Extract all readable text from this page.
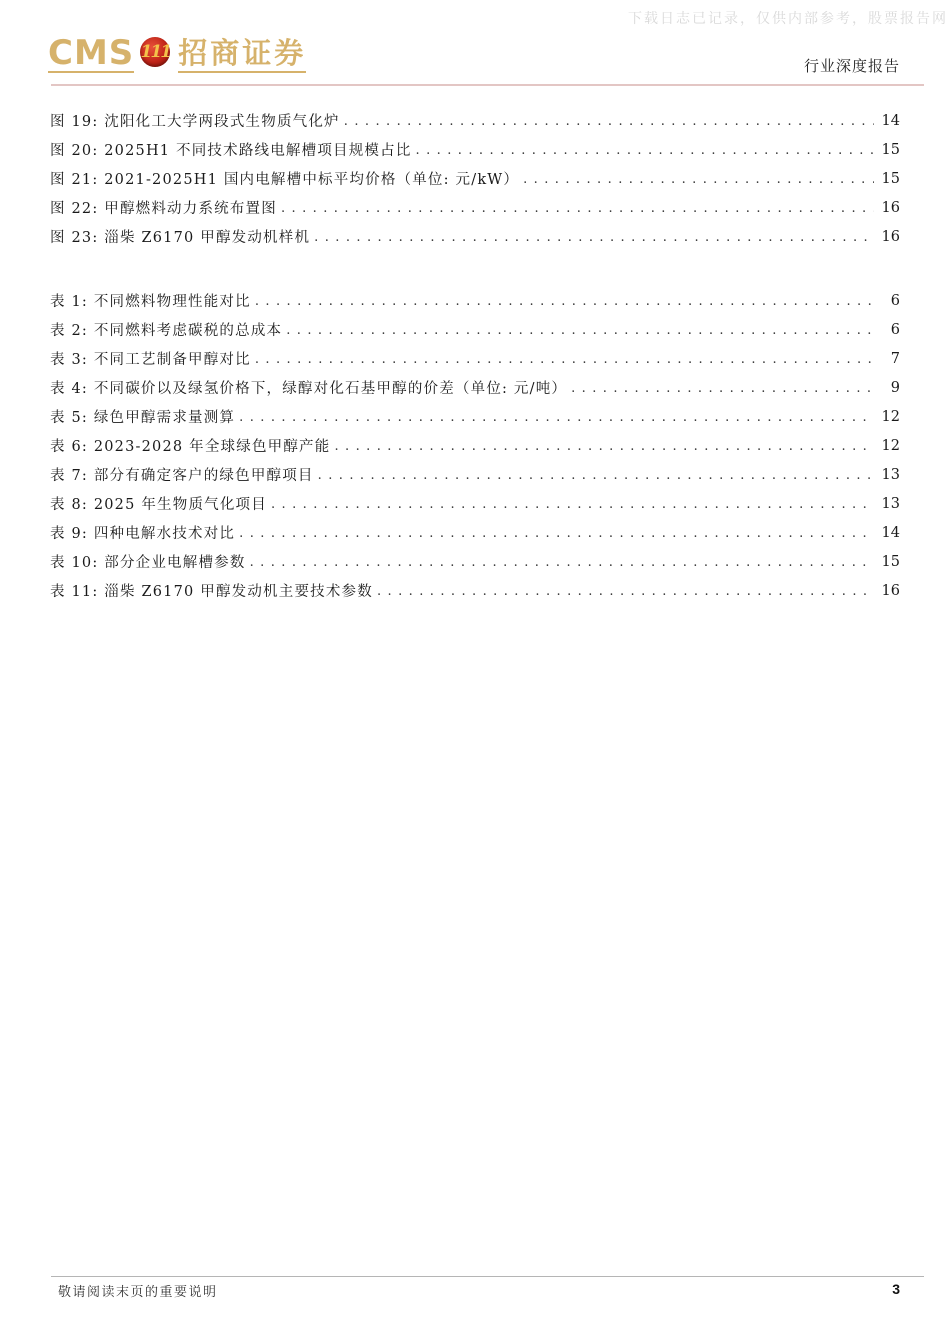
下载日志已记录，仅供内部参考，股票报告网
CMS 111 招商证券	行业深度报告
图 19: 沈阳化工大学两段式生物质气化炉 . . .	14
图 20: 2025H1 不同技术路线电解槽项目规模占比 . . .	15
图 21: 2021-2025H1 国内电解槽中标平均价格（单位: 元/kW） . . .	15
图 22: 甲醇燃料动力系统布置图 . . .	16
图 23: 淄柴 Z6170 甲醇发动机样机 . . .	16
表 1: 不同燃料物理性能对比 . . .	6
表 2: 不同燃料考虑碳税的总成本 . . .	6
表 3: 不同工艺制备甲醇对比 . . .	7
表 4: 不同碳价以及绿氢价格下，绿醇对化石基甲醇的价差（单位: 元/吨） . . .	9
表 5: 绿色甲醇需求量测算 . . .	12
表 6: 2023-2028 年全球绿色甲醇产能 . . .	12
表 7: 部分有确定客户的绿色甲醇项目 . . .	13
表 8: 2025 年生物质气化项目 . . .	13
表 9: 四种电解水技术对比 . . .	14
表 10: 部分企业电解槽参数 . . .	15
表 11: 淄柴 Z6170 甲醇发动机主要技术参数 . . .	16
敬请阅读末页的重要说明	3
